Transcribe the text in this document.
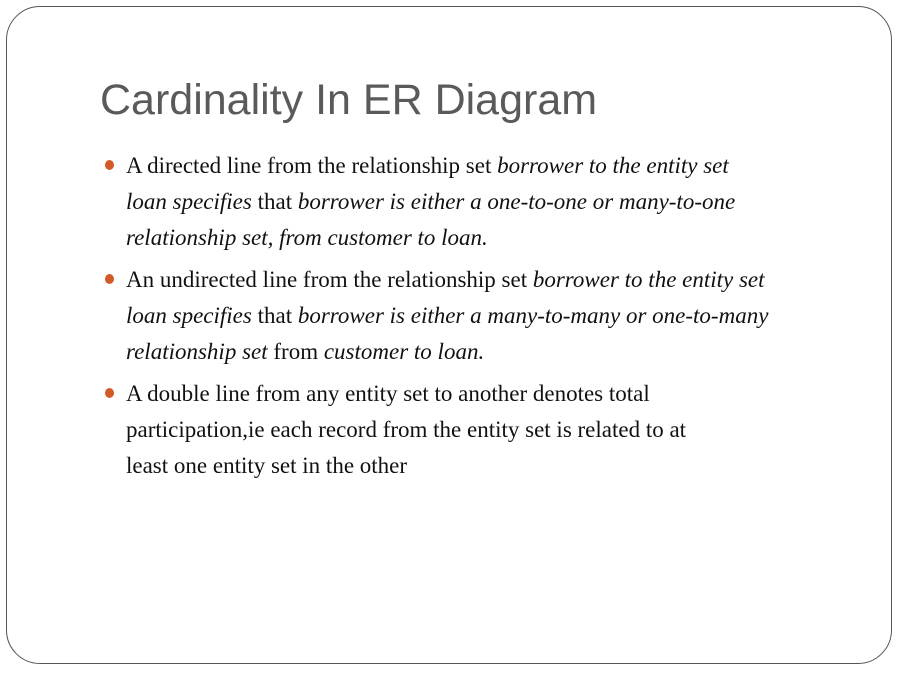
Cardinality In ER Diagram
A directed line from the relationship set borrower to the entity set
loan specifies that borrower is either a one-to-one or many-to-one
relationship set, from customer to loan.
An undirected line from the relationship set borrower to the entity set
loan specifies that borrower is either a many-to-many or one-to-many
relationship set from customer to loan.
A double line from any entity set to another denotes total
participation,ie each record from the entity set is related to at
least one entity set in the other
